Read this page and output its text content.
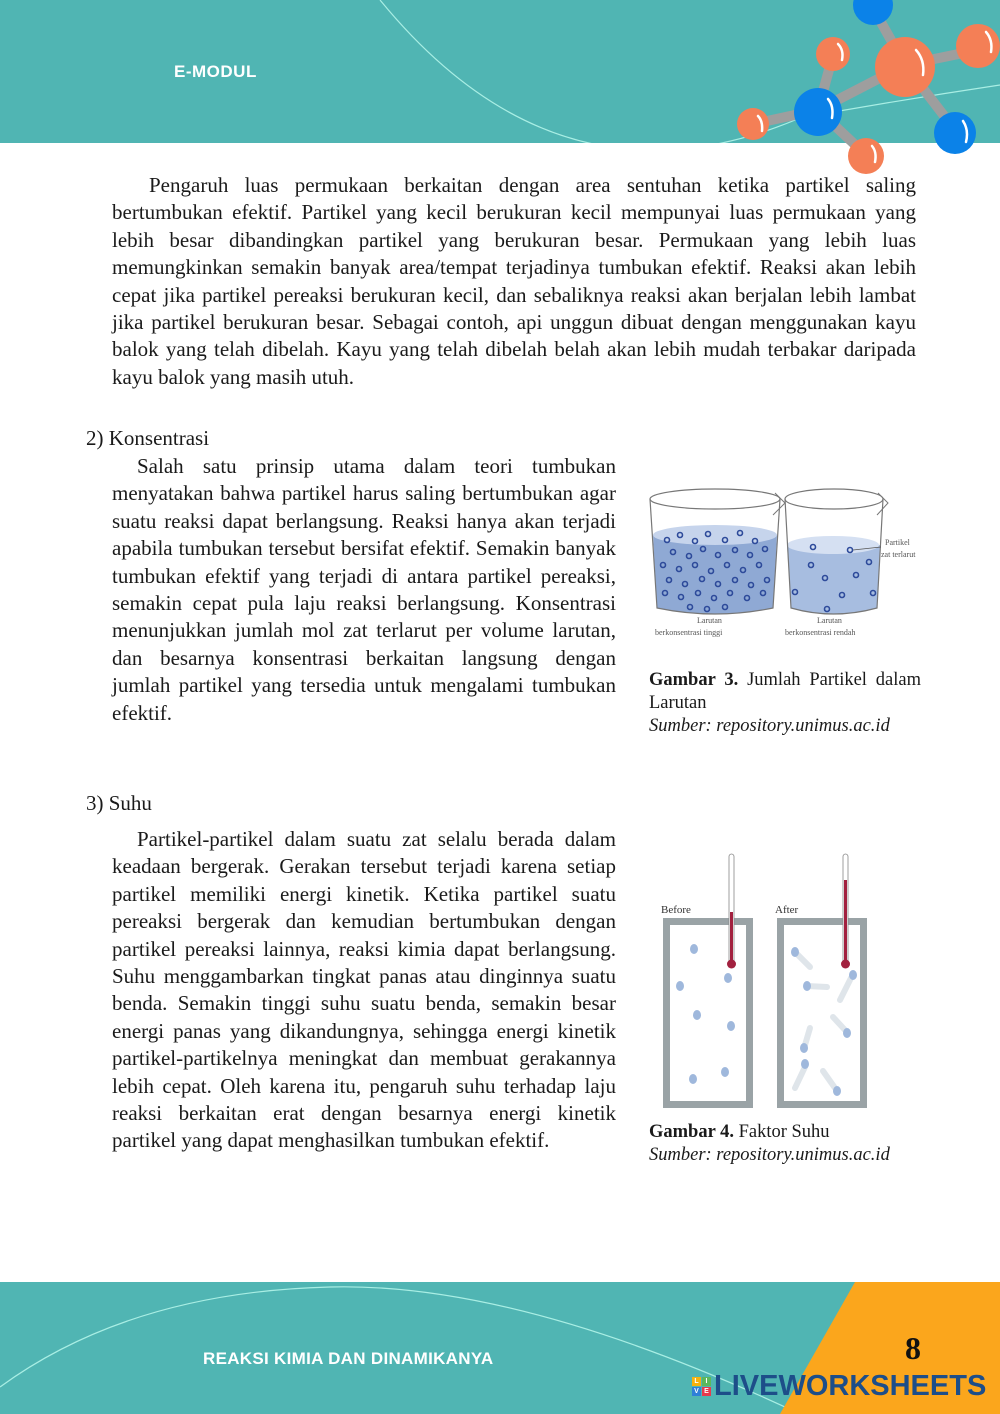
E-MODUL

Pengaruh luas permukaan berkaitan dengan area sentuhan ketika partikel saling bertumbukan efektif. Partikel yang kecil berukuran kecil mempunyai luas permukaan yang lebih besar dibandingkan partikel yang berukuran besar. Permukaan yang lebih luas memungkinkan semakin banyak area/tempat terjadinya tumbukan efektif. Reaksi akan lebih cepat jika partikel pereaksi berukuran kecil, dan sebaliknya reaksi akan berjalan lebih lambat jika partikel berukuran besar. Sebagai contoh, api unggun dibuat dengan menggunakan kayu balok yang telah dibelah. Kayu yang telah dibelah belah akan lebih mudah terbakar daripada kayu balok yang masih utuh.

2) Konsentrasi

Salah satu prinsip utama dalam teori tumbukan menyatakan bahwa partikel harus saling bertumbukan agar suatu reaksi dapat berlangsung. Reaksi hanya akan terjadi apabila tumbukan tersebut bersifat efektif. Semakin banyak tumbukan efektif yang terjadi di antara partikel pereaksi, semakin cepat pula laju reaksi berlangsung. Konsentrasi menunjukkan jumlah mol zat terlarut per volume larutan, dan besarnya konsentrasi berkaitan langsung dengan jumlah partikel yang tersedia untuk mengalami tumbukan efektif.

Larutan
berkonsentrasi tinggi
Partikel
zat terlarut
Larutan
berkonsentrasi rendah

Gambar 3. Jumlah Partikel dalam Larutan
Sumber: repository.unimus.ac.id

3) Suhu

Partikel-partikel dalam suatu zat selalu berada dalam keadaan bergerak. Gerakan tersebut terjadi karena setiap partikel memiliki energi kinetik. Ketika partikel suatu pereaksi bergerak dan kemudian bertumbukan dengan partikel pereaksi lainnya, reaksi kimia dapat berlangsung. Suhu menggambarkan tingkat panas atau dinginnya suatu benda. Semakin tinggi suhu suatu benda, semakin besar energi panas yang dikandungnya, sehingga energi kinetik partikel-partikelnya meningkat dan membuat gerakannya lebih cepat. Oleh karena itu, pengaruh suhu terhadap laju reaksi berkaitan erat dengan besarnya energi kinetik partikel yang dapat menghasilkan tumbukan efektif.

Before	After

Gambar 4. Faktor Suhu
Sumber: repository.unimus.ac.id

REAKSI KIMIA DAN DINAMIKANYA	8
L I
V E LIVEWORKSHEETS
